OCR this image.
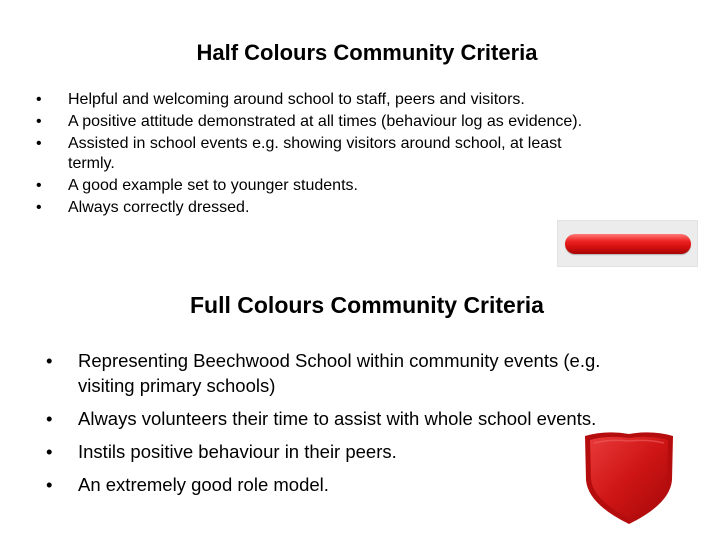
Half Colours Community Criteria
• Helpful and welcoming around school to staff, peers and visitors.
• A positive attitude demonstrated at all times (behaviour log as evidence).
• Assisted in school events e.g. showing visitors around school, at least termly.
• A good example set to younger students.
• Always correctly dressed.
Full Colours Community Criteria
• Representing Beechwood School within community events (e.g. visiting primary schools)
• Always volunteers their time to assist with whole school events.
• Instils positive behaviour in their peers.
• An extremely good role model.
